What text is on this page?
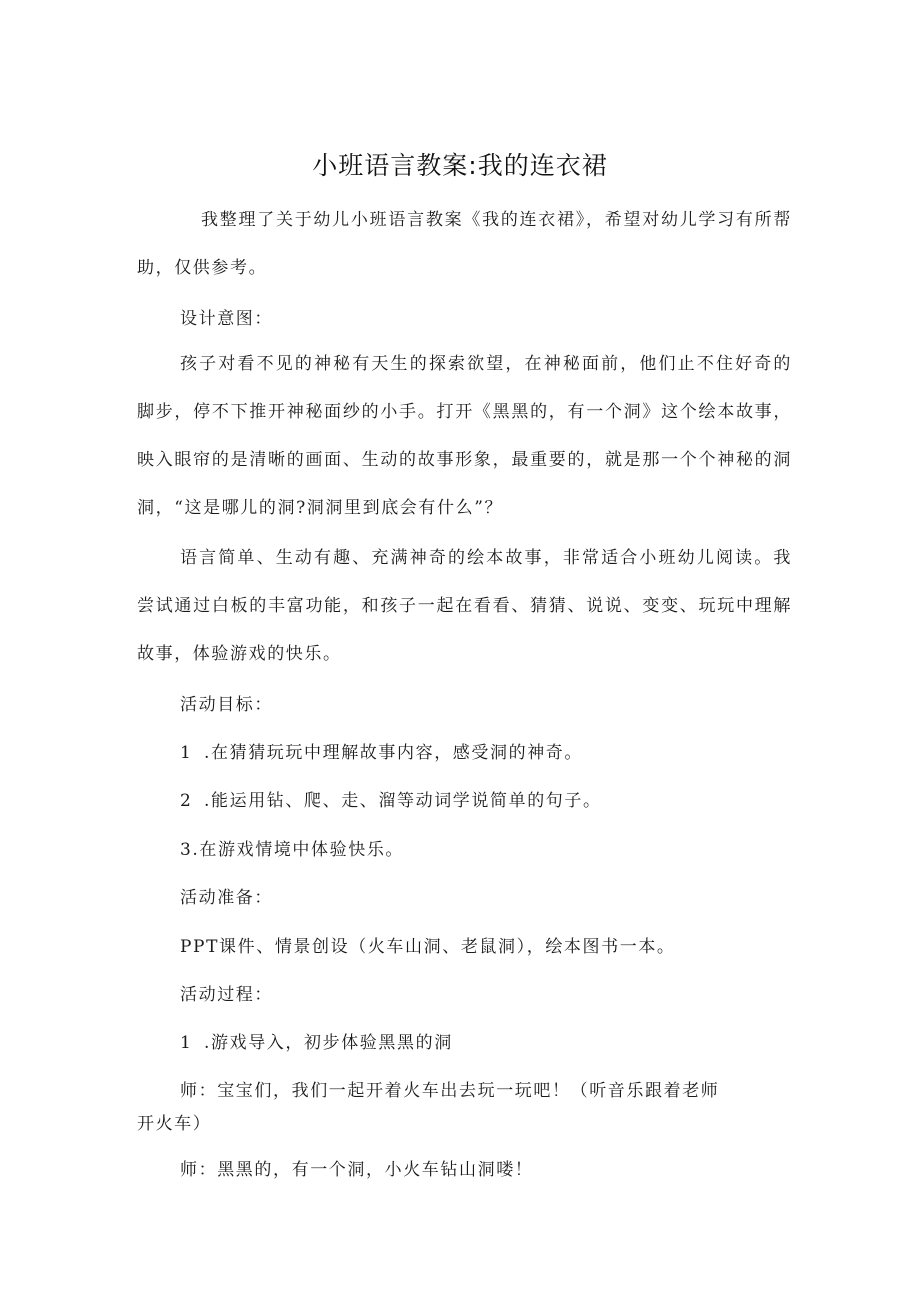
小班语言教案:我的连衣裙
我整理了关于幼儿小班语言教案《我的连衣裙》，希望对幼儿学习有所帮助，仅供参考。
设计意图：
孩子对看不见的神秘有天生的探索欲望，在神秘面前，他们止不住好奇的脚步，停不下推开神秘面纱的小手。打开《黑黑的，有一个洞》这个绘本故事，映入眼帘的是清晰的画面、生动的故事形象，最重要的，就是那一个个神秘的洞洞，“这是哪儿的洞?洞洞里到底会有什么”？
语言简单、生动有趣、充满神奇的绘本故事，非常适合小班幼儿阅读。我尝试通过白板的丰富功能，和孩子一起在看看、猜猜、说说、变变、玩玩中理解故事，体验游戏的快乐。
活动目标：
1 .在猜猜玩玩中理解故事内容，感受洞的神奇。
2 .能运用钻、爬、走、溜等动词学说简单的句子。
3.在游戏情境中体验快乐。
活动准备：
PPT课件、情景创设（火车山洞、老鼠洞），绘本图书一本。
活动过程：
1 .游戏导入，初步体验黑黑的洞
师：宝宝们，我们一起开着火车出去玩一玩吧！（听音乐跟着老师
开火车）
师：黑黑的，有一个洞，小火车钻山洞喽！
